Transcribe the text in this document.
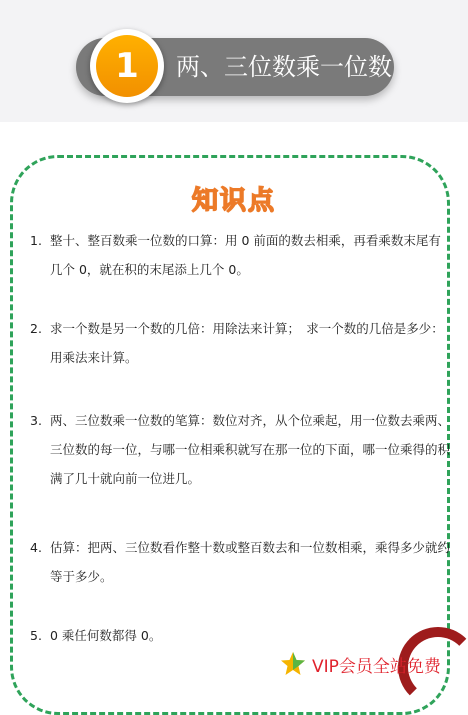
1	两、三位数乘一位数
知识点
1. 整十、整百数乘一位数的口算：用 0 前面的数去相乘，再看乘数末尾有几个 0，就在积的末尾添上几个 0。
2. 求一个数是另一个数的几倍：用除法来计算；　求一个数的几倍是多少：用乘法来计算。
3. 两、三位数乘一位数的笔算：数位对齐，从个位乘起，用一位数去乘两、三位数的每一位，与哪一位相乘积就写在那一位的下面，哪一位乘得的积满了几十就向前一位进几。
4. 估算：把两、三位数看作整十数或整百数去和一位数相乘，乘得多少就约等于多少。
5. 0 乘任何数都得 0。
VIP会员全站免费
